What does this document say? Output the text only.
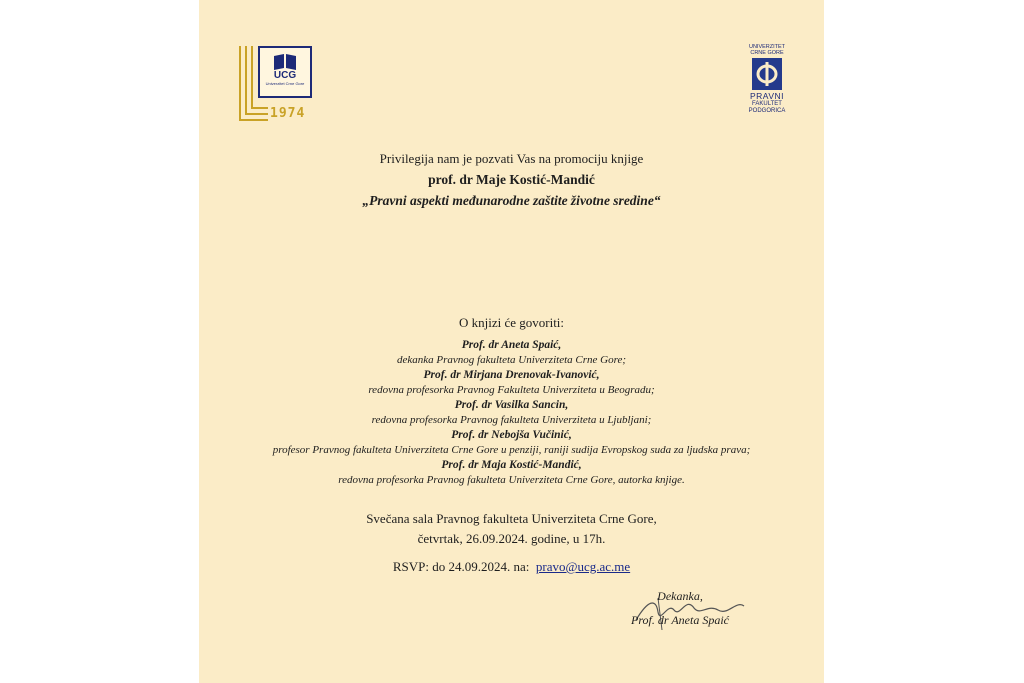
UCG
Univerzitet Crne Gore
1974
UNIVERZITET CRNE GORE
PRAVNI
FAKULTET
PODGORICA
Privilegija nam je pozvati Vas na promociju knjige
prof. dr Maje Kostić-Mandić
„Pravni aspekti međunarodne zaštite životne sredine“
O knjizi će govoriti:
Prof. dr Aneta Spaić,
dekanka Pravnog fakulteta Univerziteta Crne Gore;
Prof. dr Mirjana Drenovak-Ivanović,
redovna profesorka Pravnog Fakulteta Univerziteta u Beogradu;
Prof. dr Vasilka Sancin,
redovna profesorka Pravnog fakulteta Univerziteta u Ljubljani;
Prof. dr Nebojša Vučinić,
profesor Pravnog fakulteta Univerziteta Crne Gore u penziji, raniji sudija Evropskog suda za ljudska prava;
Prof. dr Maja Kostić-Mandić,
redovna profesorka Pravnog fakulteta Univerziteta Crne Gore, autorka knjige.
Svečana sala Pravnog fakulteta Univerziteta Crne Gore,
četvrtak, 26.09.2024. godine, u 17h.
RSVP: do 24.09.2024. na: pravo@ucg.ac.me
Dekanka,
Prof. dr Aneta Spaić
